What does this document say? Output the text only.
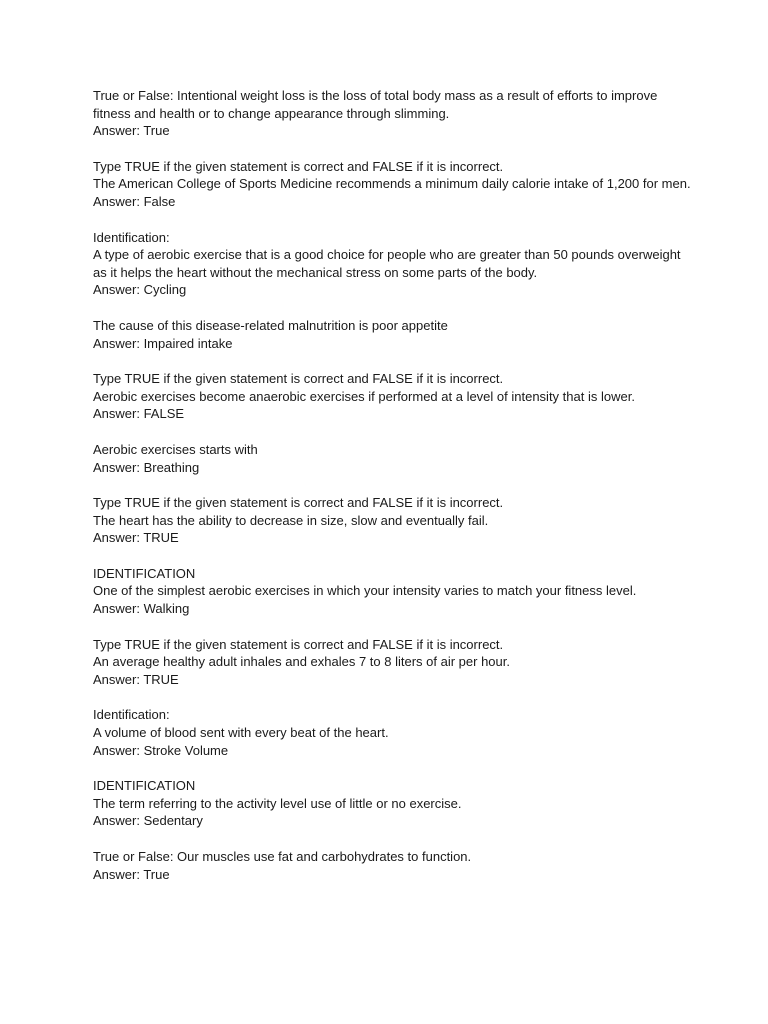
True or False: Intentional weight loss is the loss of total body mass as a result of efforts to improve fitness and health or to change appearance through slimming.
Answer: True
Type TRUE if the given statement is correct and FALSE if it is incorrect.
The American College of Sports Medicine recommends a minimum daily calorie intake of 1,200 for men.
Answer: False
Identification:
A type of aerobic exercise that is a good choice for people who are greater than 50 pounds overweight as it helps the heart without the mechanical stress on some parts of the body.
Answer: Cycling
The cause of this disease-related malnutrition is poor appetite
Answer: Impaired intake
Type TRUE if the given statement is correct and FALSE if it is incorrect.
Aerobic exercises become anaerobic exercises if performed at a level of intensity that is lower.
Answer: FALSE
Aerobic exercises starts with
Answer: Breathing
Type TRUE if the given statement is correct and FALSE if it is incorrect.
The heart has the ability to decrease in size, slow and eventually fail.
Answer: TRUE
IDENTIFICATION
One of the simplest aerobic exercises in which your intensity varies to match your fitness level.
Answer: Walking
Type TRUE if the given statement is correct and FALSE if it is incorrect.
An average healthy adult inhales and exhales 7 to 8 liters of air per hour.
Answer: TRUE
Identification:
A volume of blood sent with every beat of the heart.
Answer: Stroke Volume
IDENTIFICATION
The term referring to the activity level use of little or no exercise.
Answer: Sedentary
True or False: Our muscles use fat and carbohydrates to function.
Answer: True
